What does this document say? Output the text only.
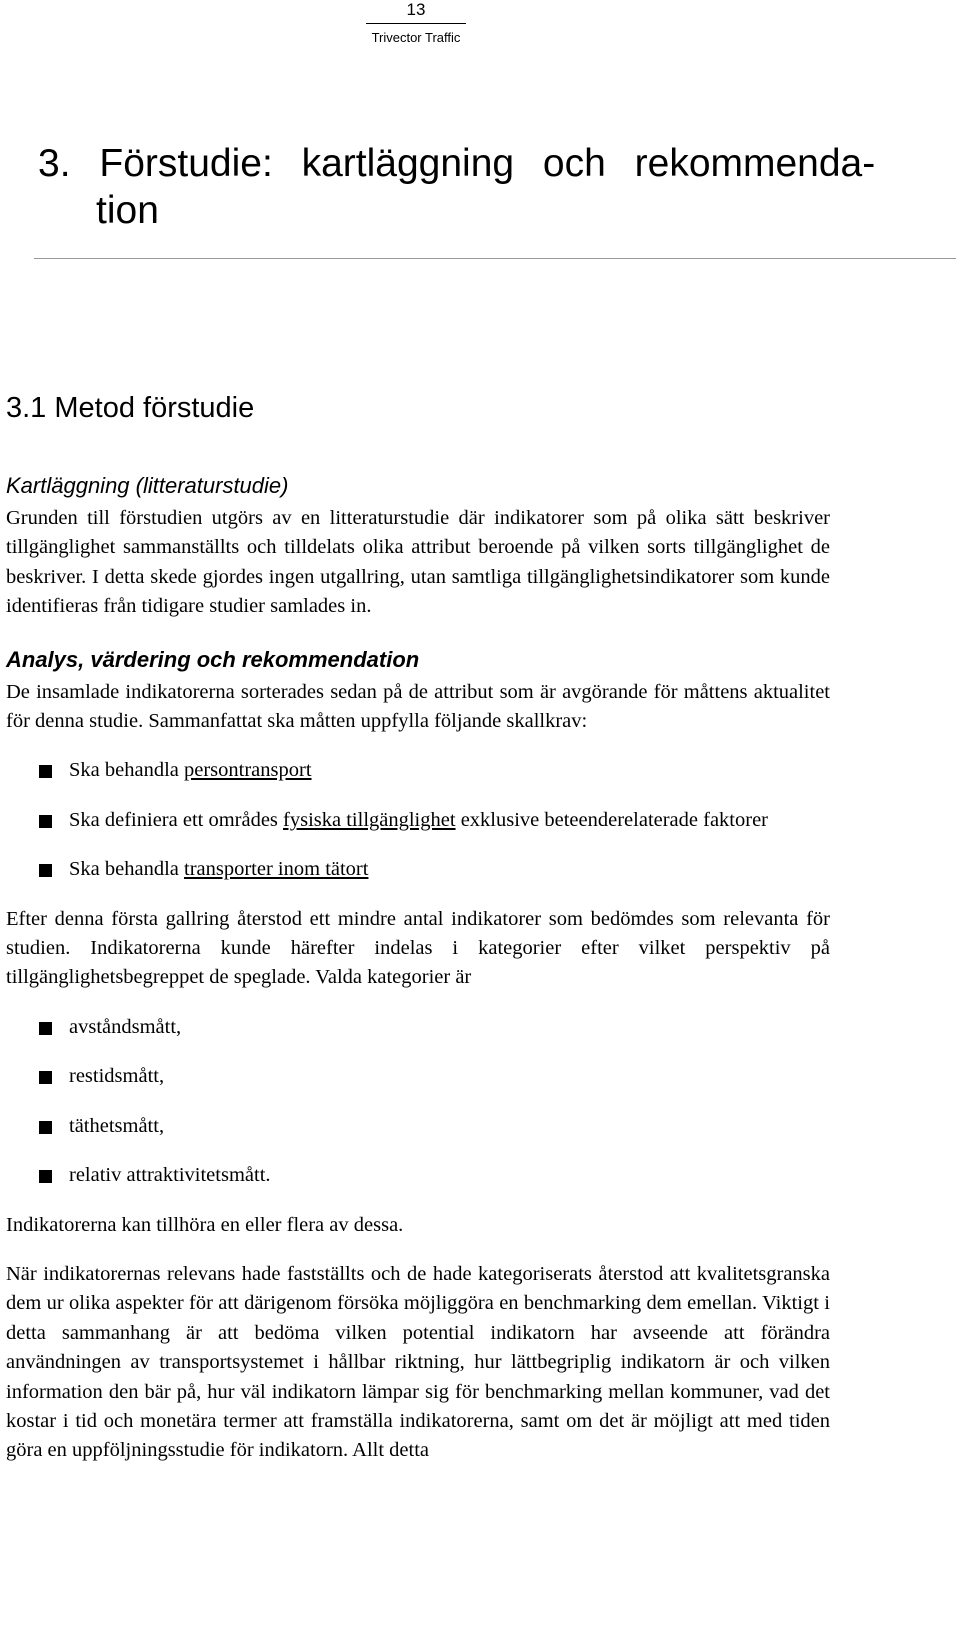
13
Trivector Traffic
3. Förstudie: kartläggning och rekommenda-
tion
3.1 Metod förstudie
Kartläggning (litteraturstudie)

Grunden till förstudien utgörs av en litteraturstudie där indikatorer som på olika sätt beskriver tillgänglighet sammanställts och tilldelats olika attribut beroende på vilken sorts tillgänglighet de beskriver. I detta skede gjordes ingen utgallring, utan samtliga tillgänglighetsindikatorer som kunde identifieras från tidigare studier samlades in.

Analys, värdering och rekommendation

De insamlade indikatorerna sorterades sedan på de attribut som är avgörande för måttens aktualitet för denna studie. Sammanfattat ska måtten uppfylla följande skallkrav:

Ska behandla persontransport
Ska definiera ett områdes fysiska tillgänglighet exklusive beteenderelaterade faktorer
Ska behandla transporter inom tätort

Efter denna första gallring återstod ett mindre antal indikatorer som bedömdes som relevanta för studien. Indikatorerna kunde härefter indelas i kategorier efter vilket perspektiv på tillgänglighetsbegreppet de speglade. Valda kategorier är

avståndsmått,
restidsmått,
täthetsmått,
relativ attraktivitetsmått.

Indikatorerna kan tillhöra en eller flera av dessa.

När indikatorernas relevans hade fastställts och de hade kategoriserats återstod att kvalitetsgranska dem ur olika aspekter för att därigenom försöka möjliggöra en benchmarking dem emellan. Viktigt i detta sammanhang är att bedöma vilken potential indikatorn har avseende att förändra användningen av transportsystemet i hållbar riktning, hur lättbegriplig indikatorn är och vilken information den bär på, hur väl indikatorn lämpar sig för benchmarking mellan kommuner, vad det kostar i tid och monetära termer att framställa indikatorerna, samt om det är möjligt att med tiden göra en uppföljningsstudie för indikatorn. Allt detta
